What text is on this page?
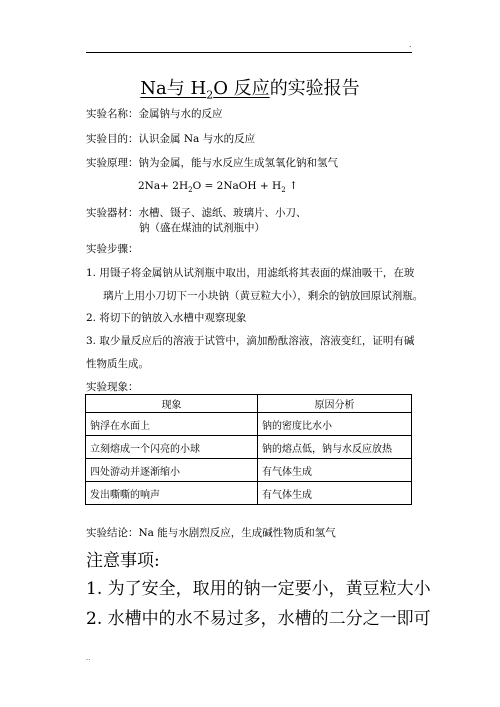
.
Na与 $H_2O$ 反应的实验报告
实验名称：金属钠与水的反应
实验目的：认识金属 Na 与水的反应
实验原理：钠为金属，能与水反应生成氢氧化钠和氢气
$2Na+ 2H_2O$ = 2NaOH + $H_2$ ↑
实验器材：水槽、镊子、滤纸、玻璃片、小刀、
钠（盛在煤油的试剂瓶中）
实验步骤：
1. 用镊子将金属钠从试剂瓶中取出，用滤纸将其表面的煤油吸干，在玻
璃片上用小刀切下一小块钠（黄豆粒大小），剩余的钠放回原试剂瓶。
2. 将切下的钠放入水槽中观察现象
3. 取少量反应后的溶液于试管中，滴加酚酞溶液，溶液变红，证明有碱
性物质生成。
实验现象：
现象	原因分析
钠浮在水面上	钠的密度比水小
立刻熔成一个闪亮的小球	钠的熔点低，钠与水反应放热
四处游动并逐渐缩小	有气体生成
发出嘶嘶的响声	有气体生成
实验结论：Na 能与水剧烈反应，生成碱性物质和氢气
注意事项:
1. 为了安全，取用的钠一定要小，黄豆粒大小
2. 水槽中的水不易过多，水槽的二分之一即可
..
